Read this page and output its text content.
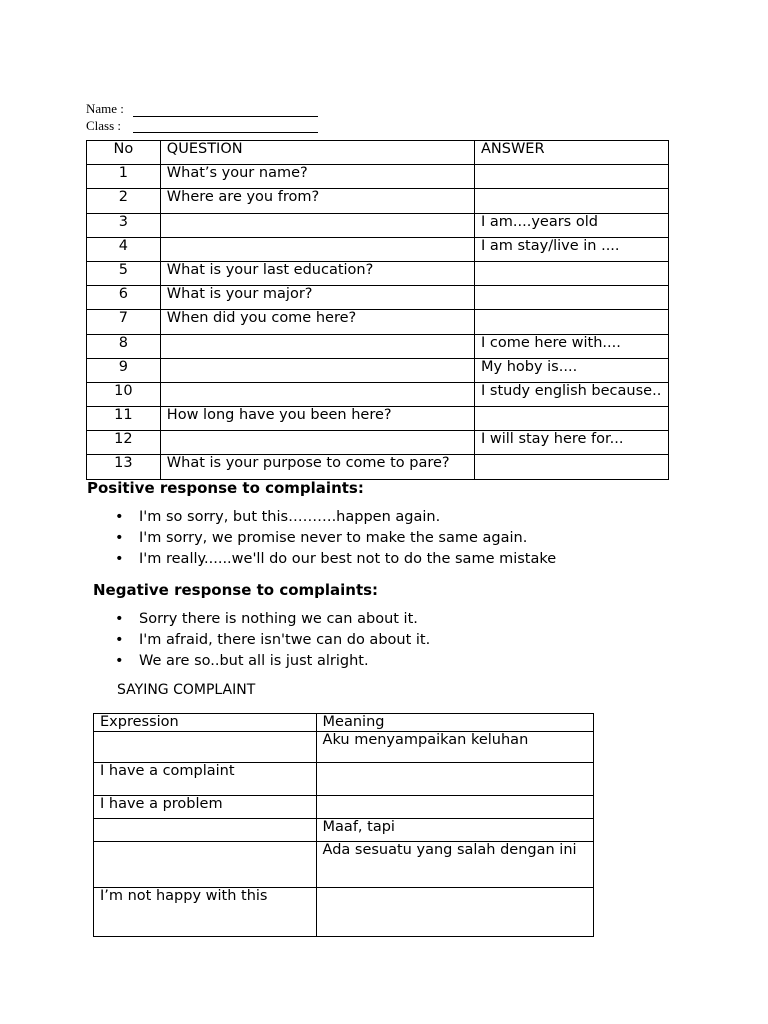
Name :
Class :
No	QUESTION	ANSWER
1	What’s your name?	
2	Where are you from?	
3		I am....years old
4		I am stay/live in ....
5	What is your last education?	
6	What is your major?	
7	When did you come here?	
8		I come here with....
9		My hoby is....
10		I study english because..
11	How long have you been here?	
12		I will stay here for...
13	What is your purpose to come to pare?	
Positive response to complaints:
• I'm so sorry, but this……….happen again.
• I'm sorry, we promise never to make the same again.
• I'm really......we'll do our best not to do the same mistake
Negative response to complaints:
• Sorry there is nothing we can about it.
• I'm afraid, there isn'twe can do about it.
• We are so..but all is just alright.
SAYING COMPLAINT
Expression	Meaning
	Aku menyampaikan keluhan
I have a complaint	
I have a problem	
	Maaf, tapi
	Ada sesuatu yang salah dengan ini
I’m not happy with this	
